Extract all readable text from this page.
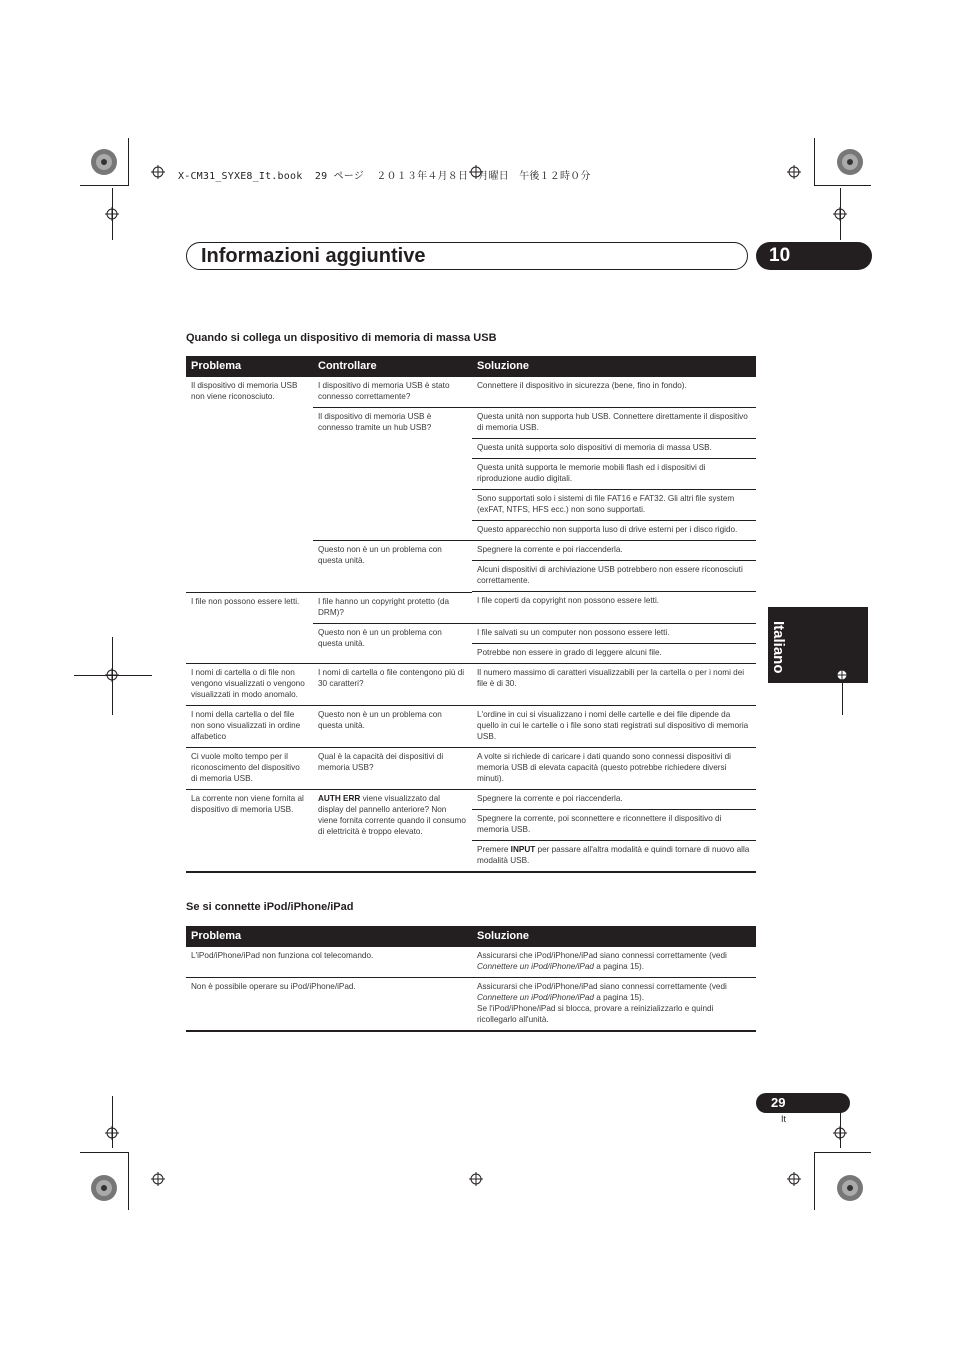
X-CM31_SYXE8_It.book  29 ページ  ２０１３年４月８日　月曜日　午後１２時０分
Informazioni aggiuntive	10
Italiano
Quando si collega un dispositivo di memoria di massa USB
Problema	Controllare	Soluzione
Il dispositivo di memoria USB non viene riconosciuto.	I dispositivo di memoria USB è stato connesso correttamente?	Connettere il dispositivo in sicurezza (bene, fino in fondo).
	Il dispositivo di memoria USB è connesso tramite un hub USB?	Questa unità non supporta hub USB. Connettere direttamente il dispositivo di memoria USB.
		Questa unità supporta solo dispositivi di memoria di massa USB.
		Questa unità supporta le memorie mobili flash ed i dispositivi di riproduzione audio digitali.
		Sono supportati solo i sistemi di file FAT16 e FAT32. Gli altri file system (exFAT, NTFS, HFS ecc.) non sono supportati.
		Questo apparecchio non supporta luso di drive esterni per i disco rigido.
	Questo non è un un problema con questa unità.	Spegnere la corrente e poi riaccenderla.
		Alcuni dispositivi di archiviazione USB potrebbero non essere riconosciuti correttamente.

I file non possono essere letti.	I file hanno un copyright protetto (da DRM)?	I file coperti da copyright non possono essere letti.
	Questo non è un un problema con questa unità.	I file salvati su un computer non possono essere letti.
		Potrebbe non essere in grado di leggere alcuni file.
I nomi di cartella o di file non vengono visualizzati o vengono visualizzati in modo anomalo.	I nomi di cartella o file contengono più di 30 caratteri?	Il numero massimo di caratteri visualizzabili per la cartella o per i nomi dei file è di 30.
I nomi della cartella o del file non sono visualizzati in ordine alfabetico	Questo non è un un problema con questa unità.	L'ordine in cui si visualizzano i nomi delle cartelle e dei file dipende da quello in cui le cartelle o i file sono stati registrati sul dispositivo di memoria USB.
Ci vuole molto tempo per il riconoscimento del dispositivo di memoria USB.	Qual è la capacità dei dispositivi di memoria USB?	A volte si richiede di caricare i dati quando sono connessi dispositivi di memoria USB di elevata capacità (questo potrebbe richiedere diversi minuti).
La corrente non viene fornita al dispositivo di memoria USB.	AUTH ERR viene visualizzato dal display del pannello anteriore? Non viene fornita corrente quando il consumo di elettricità è troppo elevato.	Spegnere la corrente e poi riaccenderla.
		Spegnere la corrente, poi sconnettere e riconnettere il dispositivo di memoria USB.
		Premere INPUT per passare all'altra modalità e quindi tornare di nuovo alla modalità USB.
Se si connette iPod/iPhone/iPad
Problema	Soluzione
L'iPod/iPhone/iPad non funziona col telecomando.	Assicurarsi che iPod/iPhone/iPad siano connessi correttamente (vedi Connettere un iPod/iPhone/iPad a pagina 15).
Non è possibile operare su iPod/iPhone/iPad.	Assicurarsi che iPod/iPhone/iPad siano connessi correttamente (vedi Connettere un iPod/iPhone/iPad a pagina 15).
Se l'iPod/iPhone/iPad si blocca, provare a reinizializzarlo e quindi ricollegarlo all'unità.
29
It
